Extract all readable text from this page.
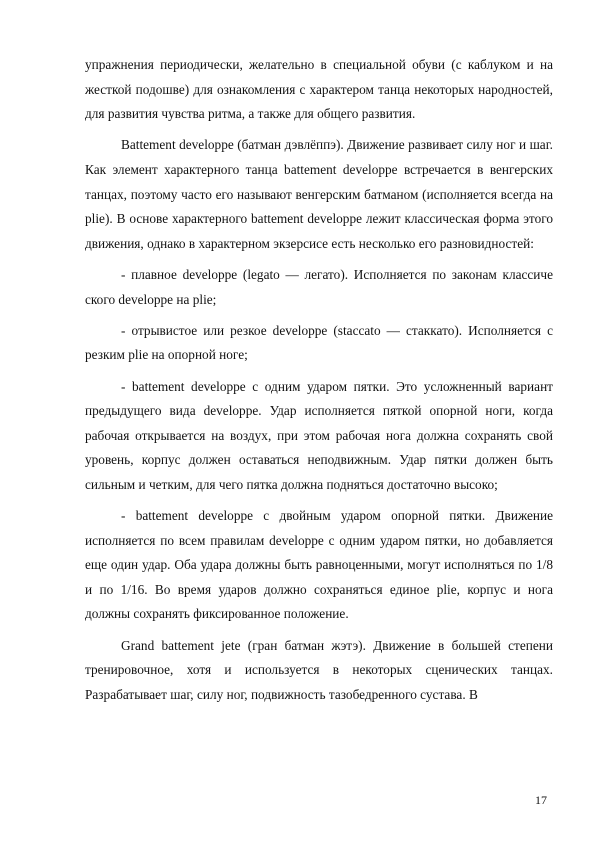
упражнения периодически, желательно в специальной обуви (с каблуком и на жесткой подошве) для ознакомления с характером танца некоторых народностей, для развития чувства ритма, а также для общего развития.

Battement developpe (батман дэвлёппэ). Движение развивает силу ног и шаг. Как элемент характерного танца battement developpe встречается в венгерских танцах, поэтому часто его называют венгерским батманом (исполняется всегда на plie). В основе характерного battement developpe лежит классическая форма этого движения, однако в характерном экзерсисе есть несколько его разновидностей:

- плавное developpe (legato — легато). Исполняется по законам классиче ского developpe на plie;

- отрывистое или резкое developpe (staccato — стаккато). Исполняется с резким plie на опорной ноге;

- battement developpe с одним ударом пятки. Это усложненный вариант предыдущего вида developpe. Удар исполняется пяткой опорной ноги, когда рабочая открывается на воздух, при этом рабочая нога должна сохранять свой уровень, корпус должен оставаться неподвижным. Удар пятки должен быть сильным и четким, для чего пятка должна подняться достаточно высоко;

- battement developpe с двойным ударом опорной пятки. Движение исполняется по всем правилам developpe с одним ударом пятки, но добавляется еще один удар. Оба удара должны быть равноценными, могут исполняться по 1/8 и по 1/16. Во время ударов должно сохраняться единое plie, корпус и нога должны сохранять фиксированное положение.

Grand battement jete (гран батман жэтэ). Движение в большей степени тренировочное, хотя и используется в некоторых сценических танцах. Разрабатывает шаг, силу ног, подвижность тазобедренного сустава. В

17
